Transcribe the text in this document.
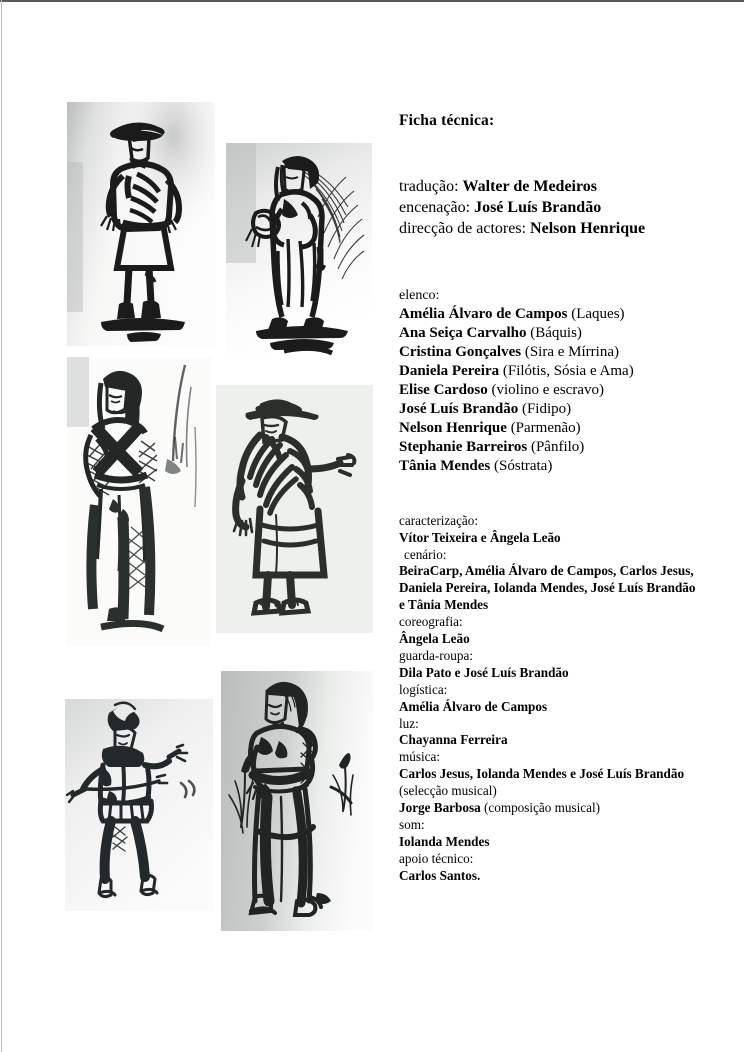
Ficha técnica:
tradução: Walter de Medeiros
encenação: José Luís Brandão
direcção de actores: Nelson Henrique
elenco:
Amélia Álvaro de Campos (Laques)
Ana Seiça Carvalho (Báquis)
Cristina Gonçalves (Sira e Mírrina)
Daniela Pereira (Filótis, Sósia e Ama)
Elise Cardoso (violino e escravo)
José Luís Brandão (Fidipo)
Nelson Henrique (Parmenão)
Stephanie Barreiros (Pânfilo)
Tânia Mendes (Sóstrata)
caracterização:
Vítor Teixeira e Ângela Leão
cenário:
BeiraCarp, Amélia Álvaro de Campos, Carlos Jesus, Daniela Pereira, Iolanda Mendes, José Luís Brandão e Tânia Mendes
coreografia:
Ângela Leão
guarda-roupa:
Dila Pato e José Luís Brandão
logística:
Amélia Álvaro de Campos
luz:
Chayanna Ferreira
música:
Carlos Jesus, Iolanda Mendes e José Luís Brandão (selecção musical)
Jorge Barbosa (composição musical)
som:
Iolanda Mendes
apoio técnico:
Carlos Santos.
